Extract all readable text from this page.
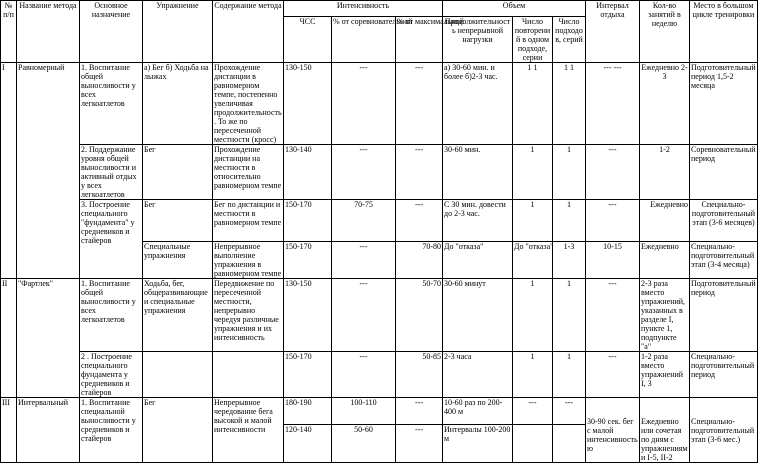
№ п/п	Название метода	Основное назначение	Упражнение	Содержание метода	Интенсивность			Объем			Интервал отдыха	Кол-во занятий в неделю	Место в большом цикле тренировки
					ЧСС	% от соревновательной	% от максимальной	Продолжительность непрерывной нагрузки	Число повторений в одном подходе, серии	Число подходов, серий			
I	Равномерный	1. Воспитание общей выносливости у всех легкоатлетов	а) Бег б) Ходьба на лыжах	Прохождение дистанции в равномерном темпе, постепенно увеличивая продолжительность. То же по пересеченной местности (кросс)	130-150	---	---	а) 30-60 мин. и более б)2-3 час.	1 1	1 1	--- ---	Ежедневно 2-3	Подготовительный период 1,5-2 месяца
		2. Поддержание уровня общей выносливости и активный отдых у всех легкоатлетов	Бег	Прохождение дистанции на местности в относительно равномерном темпе	130-140	---	---	30-60 мин.	1	1	---	1-2	Соревновательный период
		3. Построение специального "фундамента" у средневиков и стайеров	Бег	Бег по дистанции и местности в равномерном темпе	150-170	70-75	---	С 30 мин. довести до 2-3 час.	1	1	---	Ежедневно	Специально-подготовительный этап (3-6 месяцев)
			Специальные упражнения	Непрерывное выполнение упражнения в равномерном темпе	150-170	---	70-80	До "отказа"	До "отказа"	1-3	10-15	Ежедневно	Специально-подготовительный этап (3-4 месяца)
II	"Фартлек"	1. Воспитание общей выносливости у всех легкоатлетов	Ходьба, бег, общеразвивающие и специальные упражнения	Передвижение по пересеченной местности, непрерывно чередуя различные упражнения и их интенсивность	130-150	---	50-70	30-60 минут	1	1	---	2-3 раза вместо упражнений, указанных в разделе I, пункте 1, подпункте "а"	Подготовительный период
		2 . Построение специального фундамента у средневиков и стайеров			150-170	---	50-85	2-3 часа	1	1	---	1-2 раза вместо упражнений I, 3	Специально-подготовительный период
III	Интервальный	1. Воспитание специальной выносливости у средневиков и стайеров	Бег	Непрерывное чередование бега высокой и малой интенсивности	180-190	100-110	---	10-60 раз по 200-400 м	---	---	30-90 сек. бег с малой интенсивностью	Ежедневно или сочетая по дням с упражнениями I-5, II-2	Специально-подготовительный этап (3-6 мес.)
					120-140	50-60	---	Интервалы 100-200 м					
